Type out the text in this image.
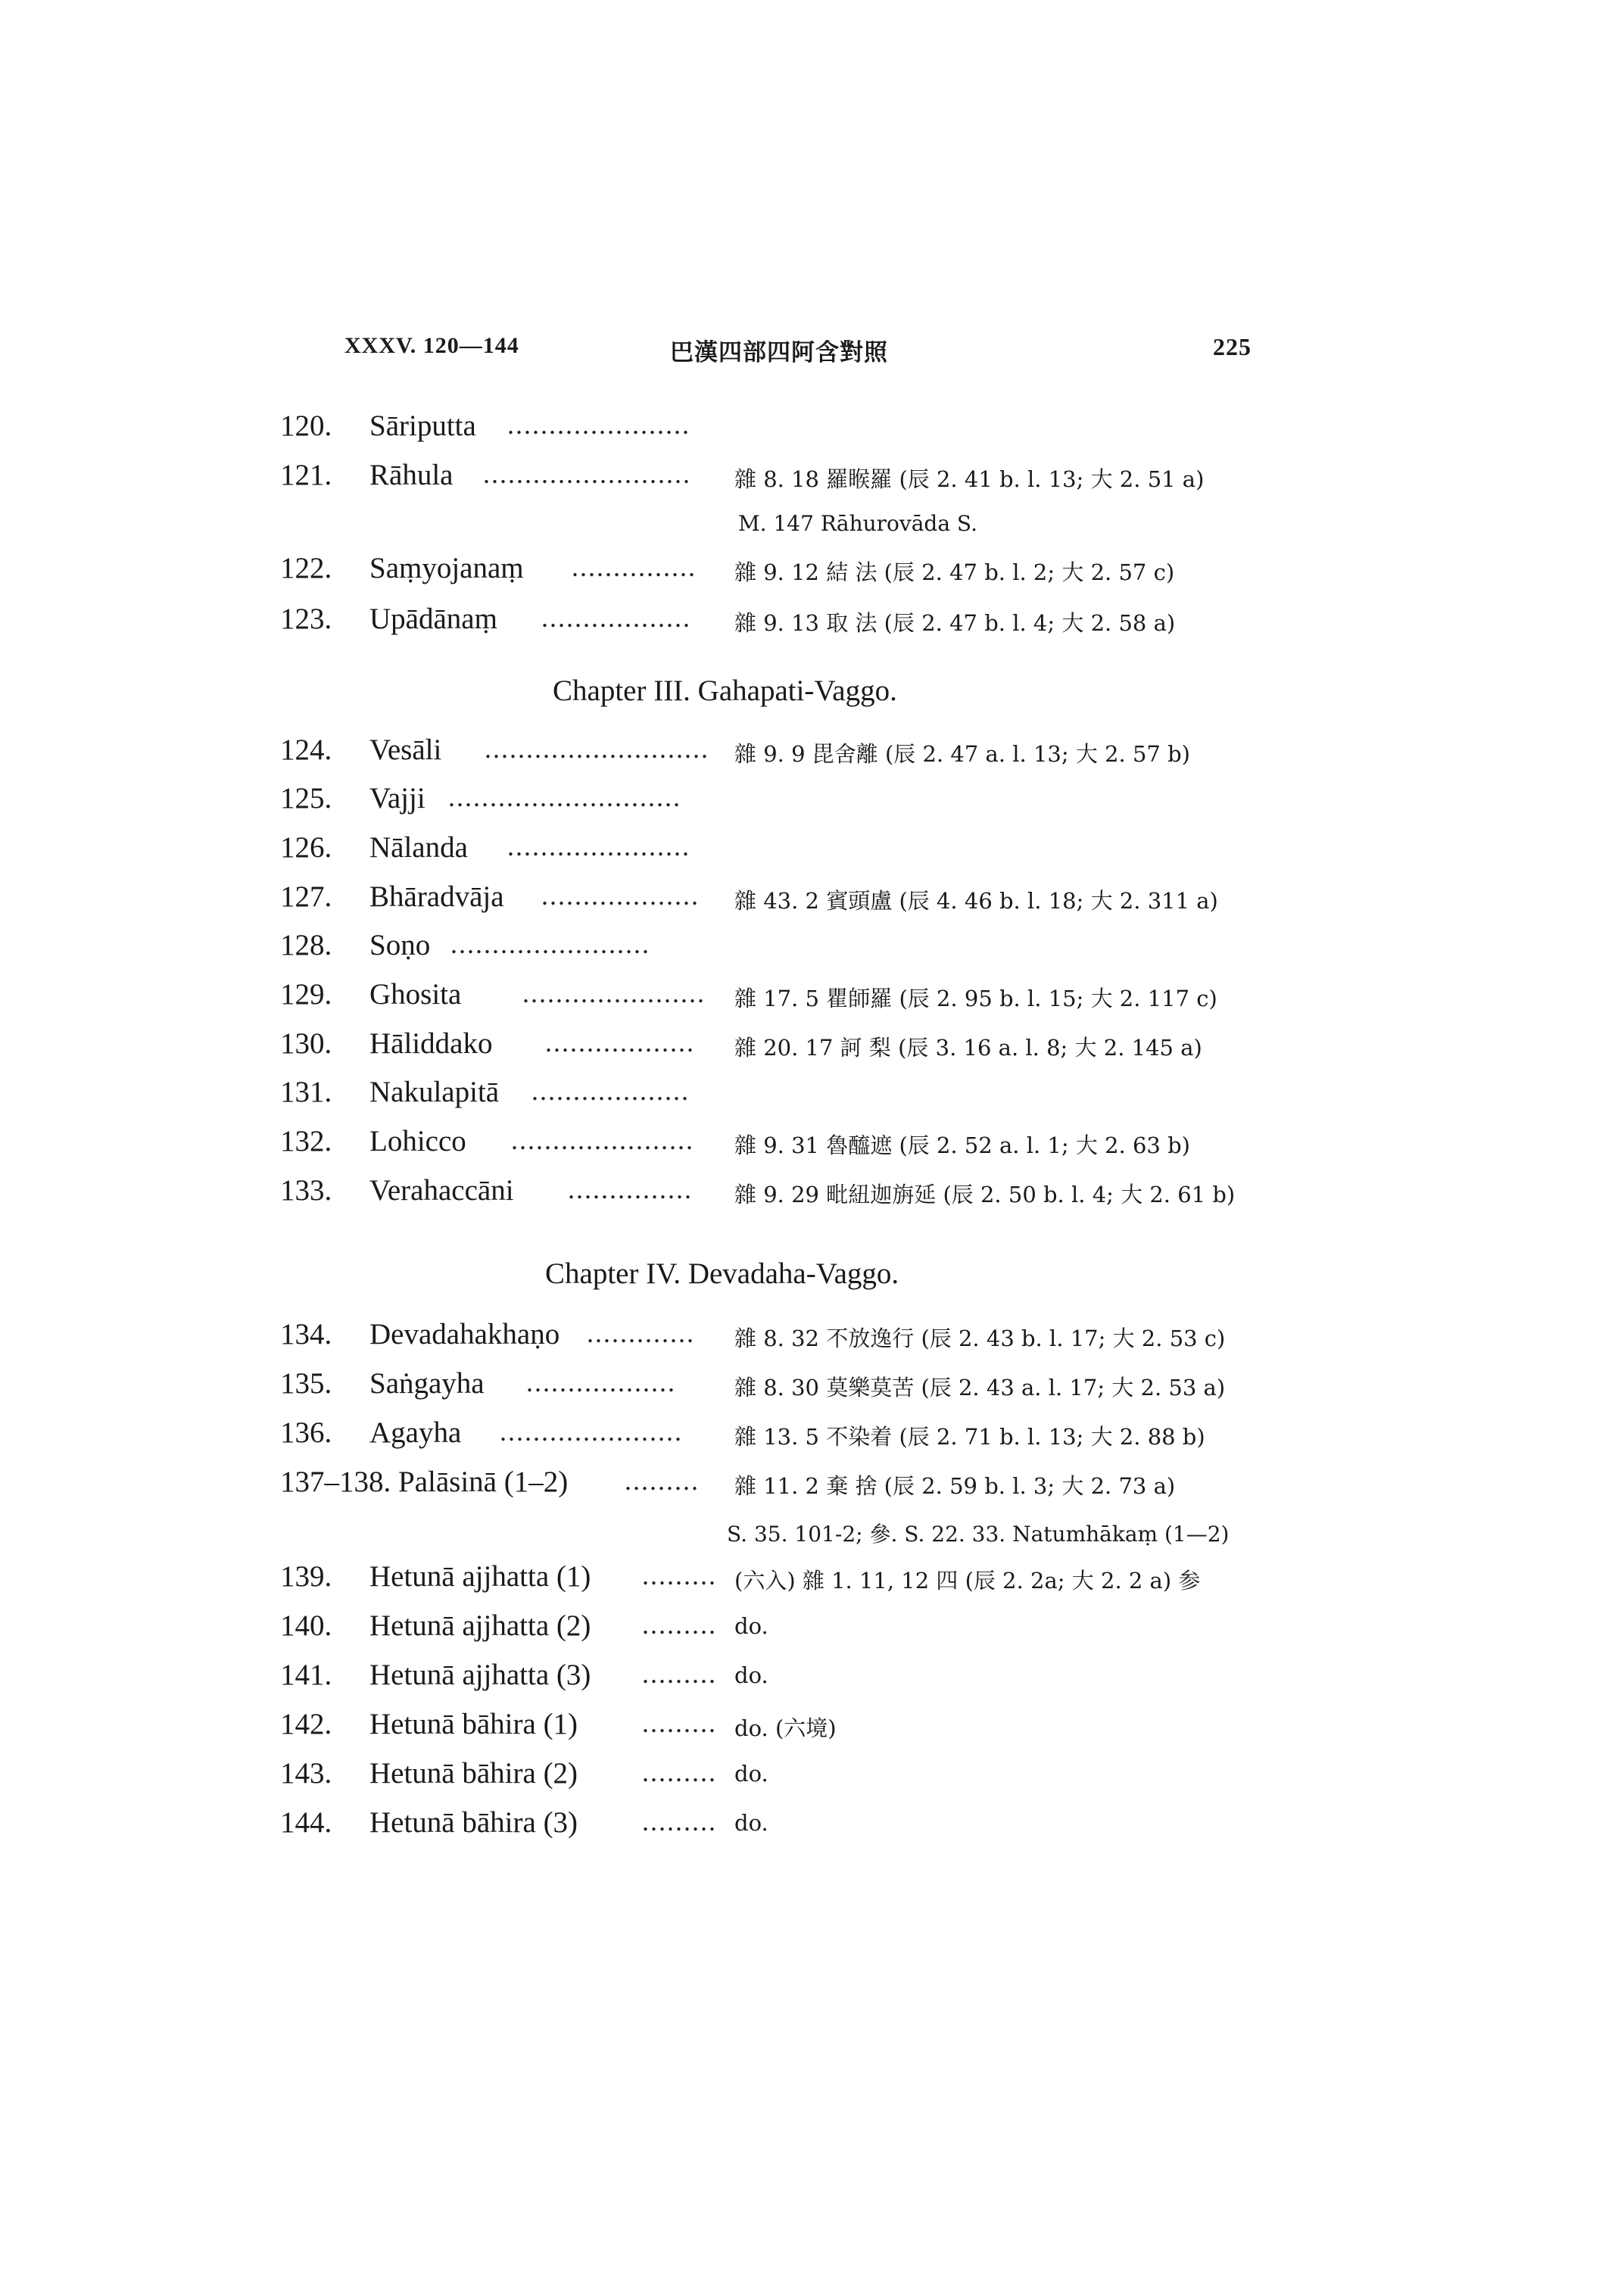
XXXV. 120—144	巴漢四部四阿含對照	225
120. Sāriputta ......................
121. Rāhula ......................... 雜 8. 18 羅睺羅 (辰 2. 41 b. l. 13; 大 2. 51 a)
M. 147 Rāhurovāda S.
122. Saṃyojanaṃ ............... 雜 9. 12 結 法 (辰 2. 47 b. l. 2; 大 2. 57 c)
123. Upādānaṃ .................. 雜 9. 13 取 法 (辰 2. 47 b. l. 4; 大 2. 58 a)
Chapter III. Gahapati-Vaggo.
124. Vesāli ........................... 雜 9. 9 毘舍離 (辰 2. 47 a. l. 13; 大 2. 57 b)
125. Vajji ............................
126. Nālanda ......................
127. Bhāradvāja ................... 雜 43. 2 賓頭盧 (辰 4. 46 b. l. 18; 大 2. 311 a)
128. Soṇo ........................
129. Ghosita ...................... 雜 17. 5 瞿師羅 (辰 2. 95 b. l. 15; 大 2. 117 c)
130. Hāliddako .................. 雜 20. 17 訶 梨 (辰 3. 16 a. l. 8; 大 2. 145 a)
131. Nakulapitā ...................
132. Lohicco ...................... 雜 9. 31 魯醯遮 (辰 2. 52 a. l. 1; 大 2. 63 b)
133. Verahaccāni ............... 雜 9. 29 毗紐迦旃延 (辰 2. 50 b. l. 4; 大 2. 61 b)
Chapter IV. Devadaha-Vaggo.
134. Devadahakhaṇo ............. 雜 8. 32 不放逸行 (辰 2. 43 b. l. 17; 大 2. 53 c)
135. Saṅgayha ..................	雜 8. 30 莫樂莫苦 (辰 2. 43 a. l. 17; 大 2. 53 a)
136. Agayha ...................... 雜 13. 5 不染着 (辰 2. 71 b. l. 13; 大 2. 88 b)
137–138. Palāsinā (1–2) ......... 雜 11. 2 棄 捨 (辰 2. 59 b. l. 3; 大 2. 73 a)
S. 35. 101-2; 參. S. 22. 33. Natumhākaṃ (1—2)
139. Hetunā ajjhatta (1) ......... (六入) 雜 1. 11, 12 四 (辰 2. 2a; 大 2. 2 a) 参
140. Hetunā ajjhatta (2) ......... do.
141. Hetunā ajjhatta (3) ......... do.
142. Hetunā bāhira (1) ......... do. (六境)
143. Hetunā bāhira (2) ......... do.
144. Hetunā bāhira (3) ......... do.
